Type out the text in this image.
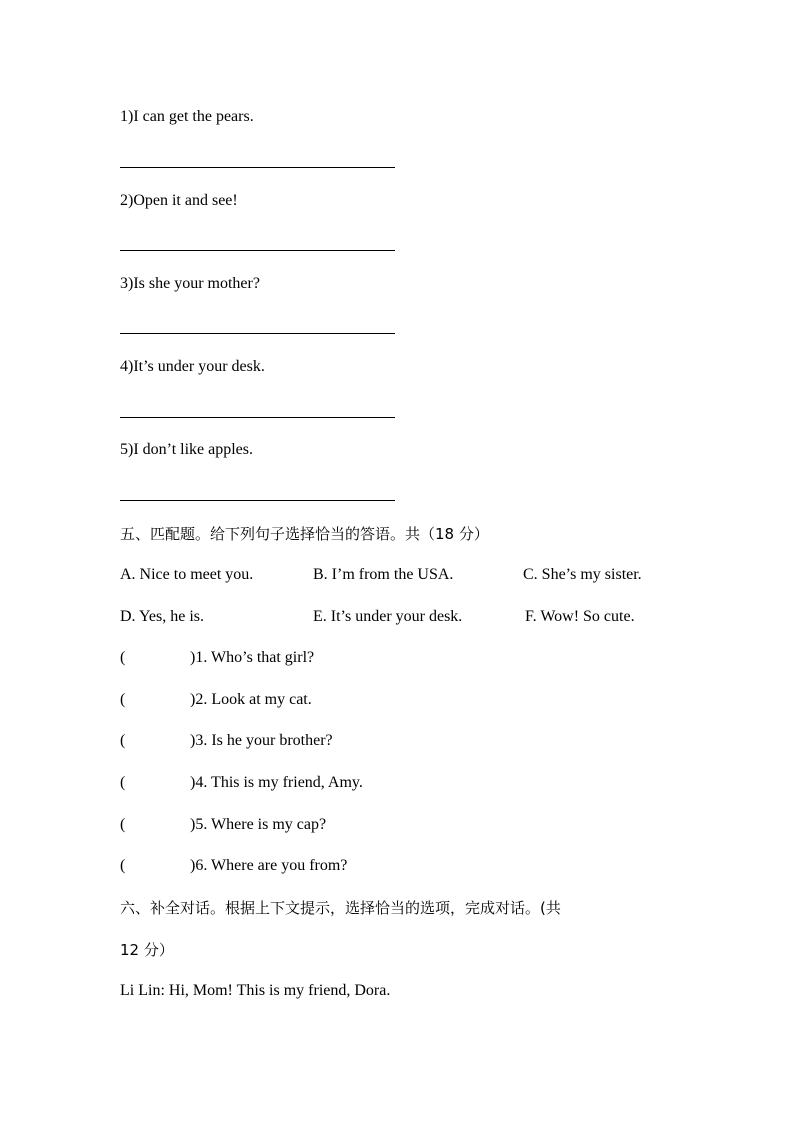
1)I can get the pears.
2)Open it and see!
3)Is she your mother?
4)It’s under your desk.
5)I don’t like apples.
五、匹配题。给下列句子选择恰当的答语。共（18 分）
A. Nice to meet you.	B. I’m from the USA.	C. She’s my sister.
D. Yes, he is.	E. It’s under your desk.	F. Wow! So cute.
(	)1. Who’s that girl?
(	)2. Look at my cat.
(	)3. Is he your brother?
(	)4. This is my friend, Amy.
(	)5. Where is my cap?
(	)6. Where are you from?
六、补全对话。根据上下文提示，选择恰当的选项，完成对话。(共
12 分）
Li Lin: Hi, Mom! This is my friend, Dora.
